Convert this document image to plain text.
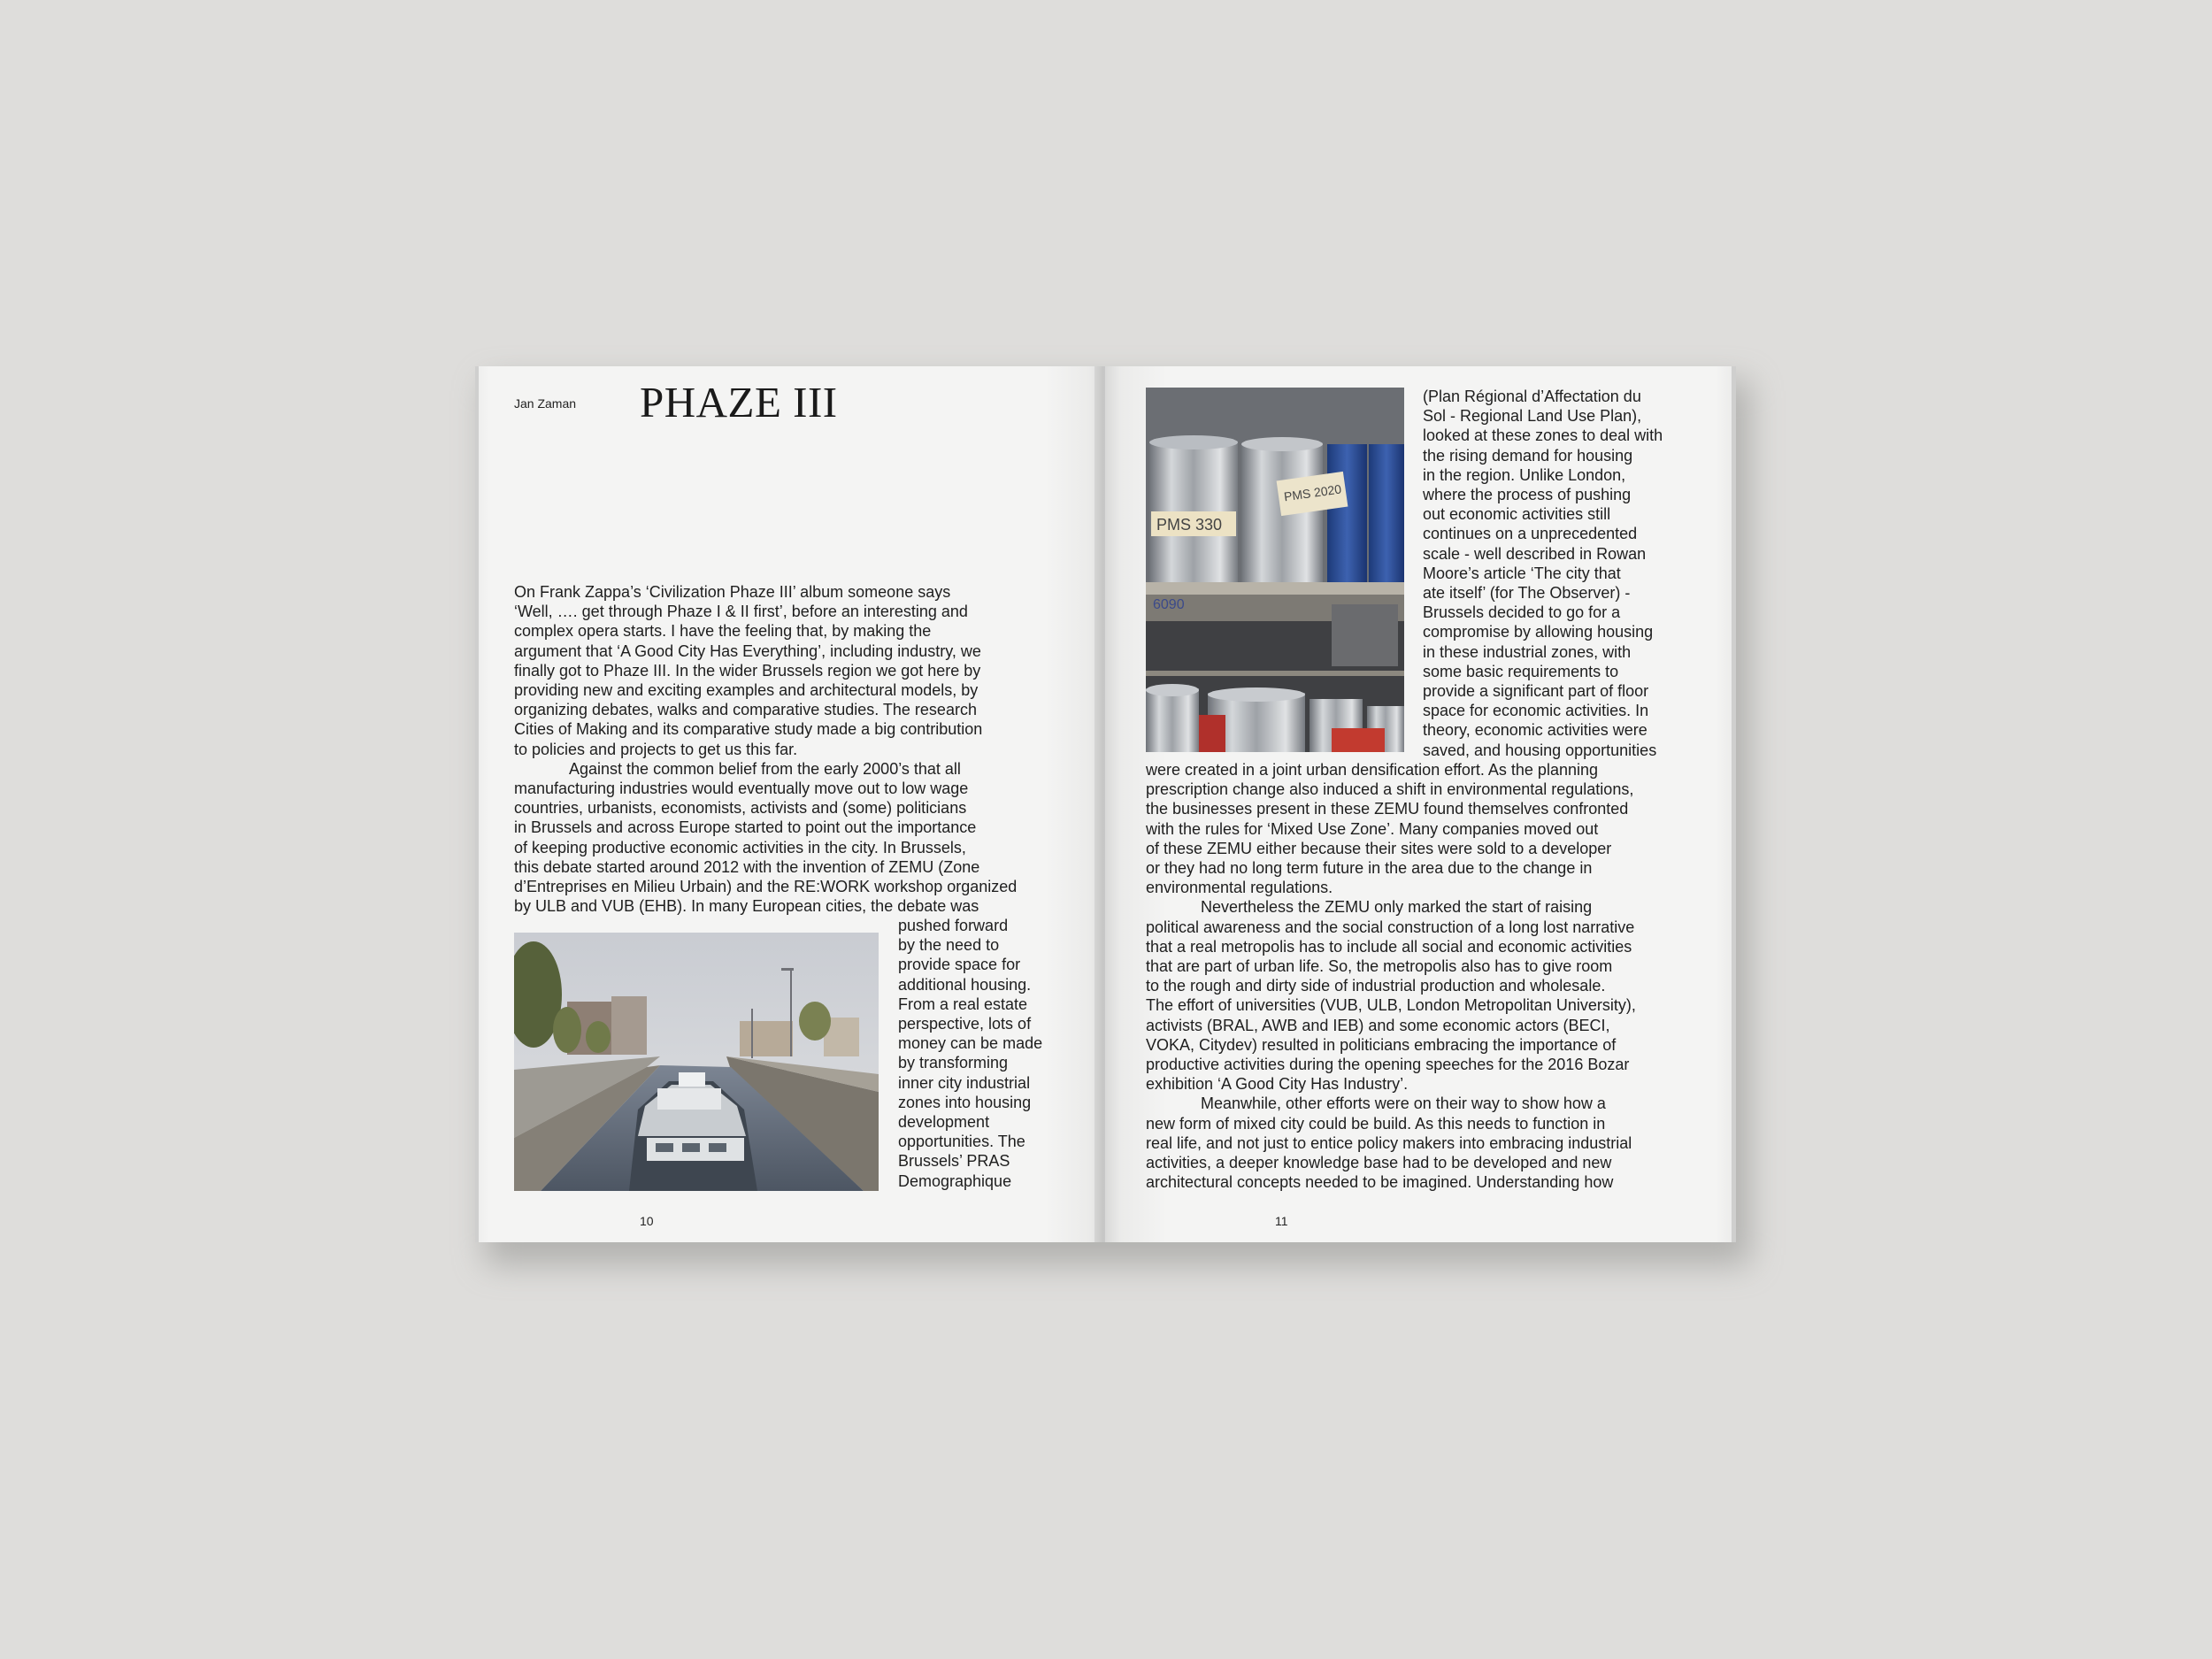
Jan Zaman PHAZE III
On Frank Zappa’s ‘Civilization Phaze III’ album someone says
‘Well, …. get through Phaze I & II first’, before an interesting and
complex opera starts. I have the feeling that, by making the
argument that ‘A Good City Has Everything’, including industry, we
finally got to Phaze III. In the wider Brussels region we got here by
providing new and exciting examples and architectural models, by
organizing debates, walks and comparative studies. The research
Cities of Making and its comparative study made a big contribution
to policies and projects to get us this far.
Against the common belief from the early 2000’s that all
manufacturing industries would eventually move out to low wage
countries, urbanists, economists, activists and (some) politicians
in Brussels and across Europe started to point out the importance
of keeping productive economic activities in the city. In Brussels,
this debate started around 2012 with the invention of ZEMU (Zone
d’Entreprises en Milieu Urbain) and the RE:WORK workshop organized
by ULB and VUB (EHB). In many European cities, the debate was
pushed forward
by the need to
provide space for
additional housing.
From a real estate
perspective, lots of
money can be made
by transforming
inner city industrial
zones into housing
development
opportunities. The
Brussels’ PRAS
Demographique
10
PMS 330
PMS 2020
6090
(Plan Régional d’Affectation du
Sol - Regional Land Use Plan),
looked at these zones to deal with
the rising demand for housing
in the region. Unlike London,
where the process of pushing
out economic activities still
continues on a unprecedented
scale - well described in Rowan
Moore’s article ‘The city that
ate itself’ (for The Observer) -
Brussels decided to go for a
compromise by allowing housing
in these industrial zones, with
some basic requirements to
provide a significant part of floor
space for economic activities. In
theory, economic activities were
saved, and housing opportunities
were created in a joint urban densification effort. As the planning
prescription change also induced a shift in environmental regulations,
the businesses present in these ZEMU found themselves confronted
with the rules for ‘Mixed Use Zone’. Many companies moved out
of these ZEMU either because their sites were sold to a developer
or they had no long term future in the area due to the change in
environmental regulations.
Nevertheless the ZEMU only marked the start of raising
political awareness and the social construction of a long lost narrative
that a real metropolis has to include all social and economic activities
that are part of urban life. So, the metropolis also has to give room
to the rough and dirty side of industrial production and wholesale.
The effort of universities (VUB, ULB, London Metropolitan University),
activists (BRAL, AWB and IEB) and some economic actors (BECI,
VOKA, Citydev) resulted in politicians embracing the importance of
productive activities during the opening speeches for the 2016 Bozar
exhibition ‘A Good City Has Industry’.
Meanwhile, other efforts were on their way to show how a
new form of mixed city could be build. As this needs to function in
real life, and not just to entice policy makers into embracing industrial
activities, a deeper knowledge base had to be developed and new
architectural concepts needed to be imagined. Understanding how
11
